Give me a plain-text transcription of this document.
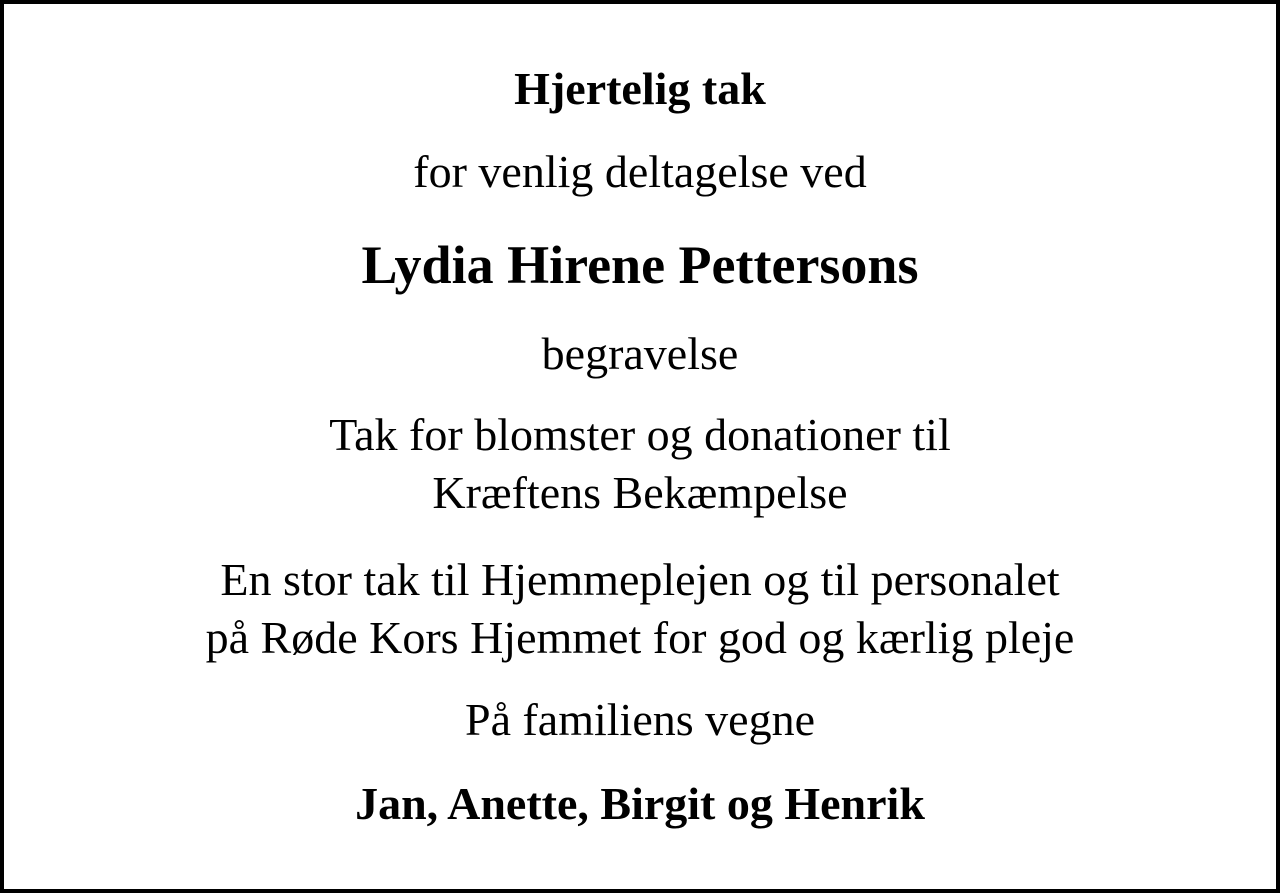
Hjertelig tak
for venlig deltagelse ved
Lydia Hirene Pettersons
begravelse
Tak for blomster og donationer til
Kræftens Bekæmpelse
En stor tak til Hjemmeplejen og til personalet
på Røde Kors Hjemmet for god og kærlig pleje
På familiens vegne
Jan, Anette, Birgit og Henrik
